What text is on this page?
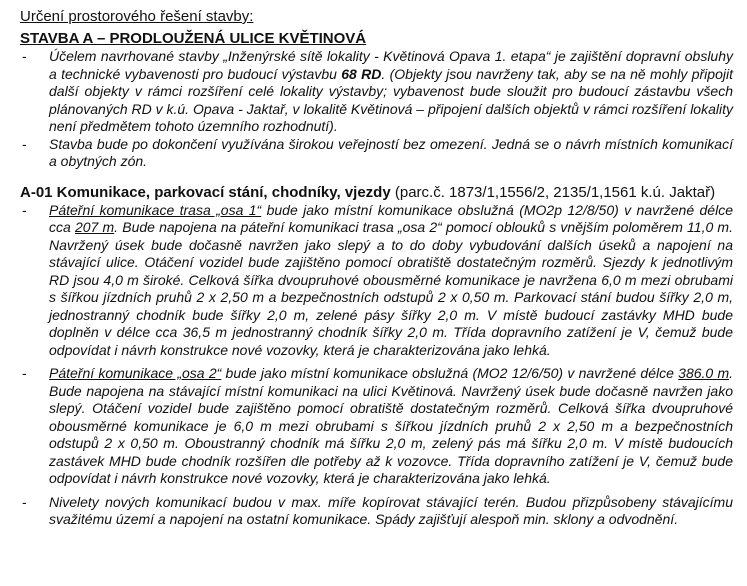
Určení prostorového řešení stavby:

STAVBA A – PRODLOUŽENÁ ULICE KVĚTINOVÁ

- Účelem navrhované stavby „Inženýrské sítě lokality - Květinová Opava 1. etapa“ je zajištění dopravní obsluhy a technické vybavenosti pro budoucí výstavbu 68 RD. (Objekty jsou navrženy tak, aby se na ně mohly připojit další objekty v rámci rozšíření celé lokality výstavby; vybavenost bude sloužit pro budoucí zástavbu všech plánovaných RD v k.ú. Opava - Jaktař, v lokalitě Květinová – připojení dalších objektů v rámci rozšíření lokality není předmětem tohoto územního rozhodnutí).
- Stavba bude po dokončení využívána širokou veřejností bez omezení. Jedná se o návrh místních komunikací a obytných zón.

A-01 Komunikace, parkovací stání, chodníky, vjezdy (parc.č. 1873/1,1556/2, 2135/1,1561 k.ú. Jaktař)

- Páteřní komunikace trasa „osa 1“ bude jako místní komunikace obslužná (MO2p 12/8/50) v navržené délce cca 207 m. Bude napojena na páteřní komunikaci trasa „osa 2“ pomocí oblouků s vnějším poloměrem 11,0 m. Navržený úsek bude dočasně navržen jako slepý a to do doby vybudování dalších úseků a napojení na stávající ulice. Otáčení vozidel bude zajištěno pomocí obratiště dostatečným rozměrů. Sjezdy k jednotlivým RD jsou 4,0 m široké. Celková šířka dvoupruhové obousměrné komunikace je navržena 6,0 m mezi obrubami s šířkou jízdních pruhů 2 x 2,50 m a bezpečnostních odstupů 2 x 0,50 m. Parkovací stání budou šířky 2,0 m, jednostranný chodník bude šířky 2,0 m, zelené pásy šířky 2,0 m. V místě budoucí zastávky MHD bude doplněn v délce cca 36,5 m jednostranný chodník šířky 2,0 m. Třída dopravního zatížení je V, čemuž bude odpovídat i návrh konstrukce nové vozovky, která je charakterizována jako lehká.
- Páteřní komunikace „osa 2“ bude jako místní komunikace obslužná (MO2 12/6/50) v navržené délce 386.0 m. Bude napojena na stávající místní komunikaci na ulici Květinová. Navržený úsek bude dočasně navržen jako slepý. Otáčení vozidel bude zajištěno pomocí obratiště dostatečným rozměrů. Celková šířka dvoupruhové obousměrné komunikace je 6,0 m mezi obrubami s šířkou jízdních pruhů 2 x 2,50 m a bezpečnostních odstupů 2 x 0,50 m. Oboustranný chodník má šířku 2,0 m, zelený pás má šířku 2,0 m. V místě budoucích zastávek MHD bude chodník rozšířen dle potřeby až k vozovce. Třída dopravního zatížení je V, čemuž bude odpovídat i návrh konstrukce nové vozovky, která je charakterizována jako lehká.
- Nivelety nových komunikací budou v max. míře kopírovat stávající terén. Budou přizpůsobeny stávajícímu svažitému území a napojení na ostatní komunikace. Spády zajišťují alespoň min. sklony a odvodnění.
